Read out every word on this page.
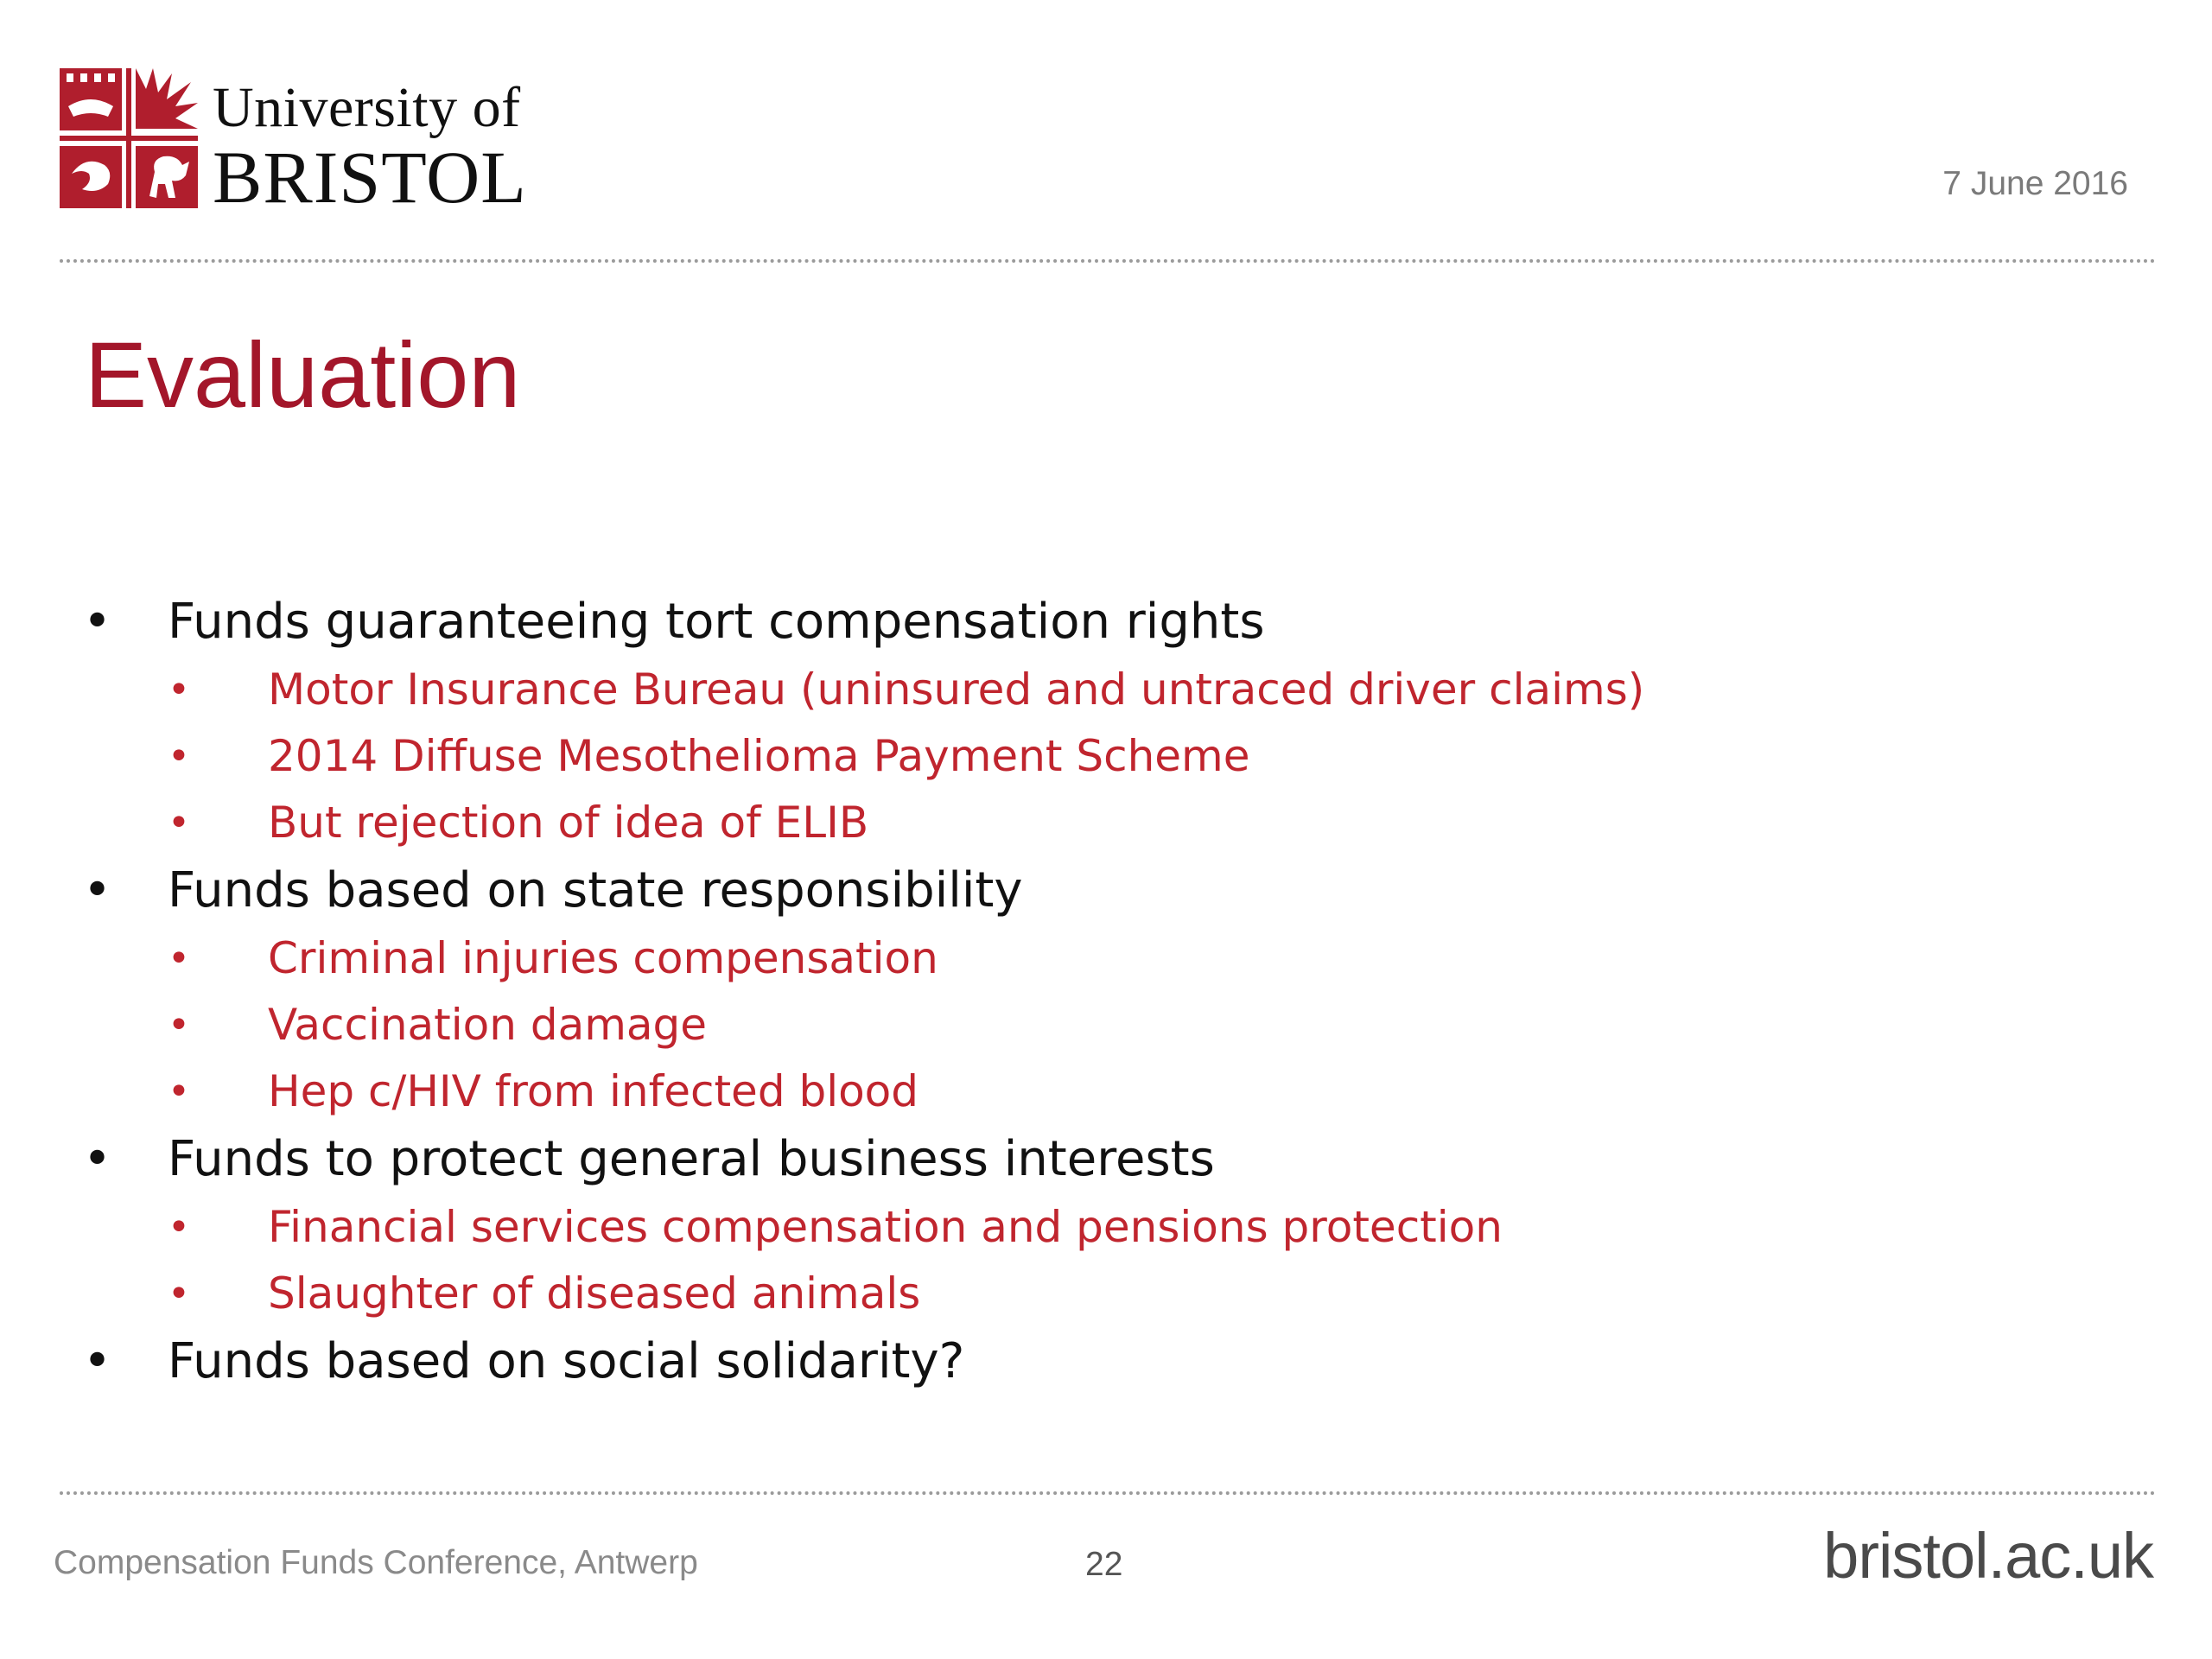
University of
BRISTOL	7 June 2016
Evaluation
• Funds guaranteeing tort compensation rights
• Motor Insurance Bureau (uninsured and untraced driver claims)
• 2014 Diffuse Mesothelioma Payment Scheme
• But rejection of idea of ELIB
• Funds based on state responsibility
• Criminal injuries compensation
• Vaccination damage
• Hep c/HIV from infected blood
• Funds to protect general business interests
• Financial services compensation and pensions protection
• Slaughter of diseased animals
• Funds based on social solidarity?
Compensation Funds Conference, Antwerp	22	bristol.ac.uk
